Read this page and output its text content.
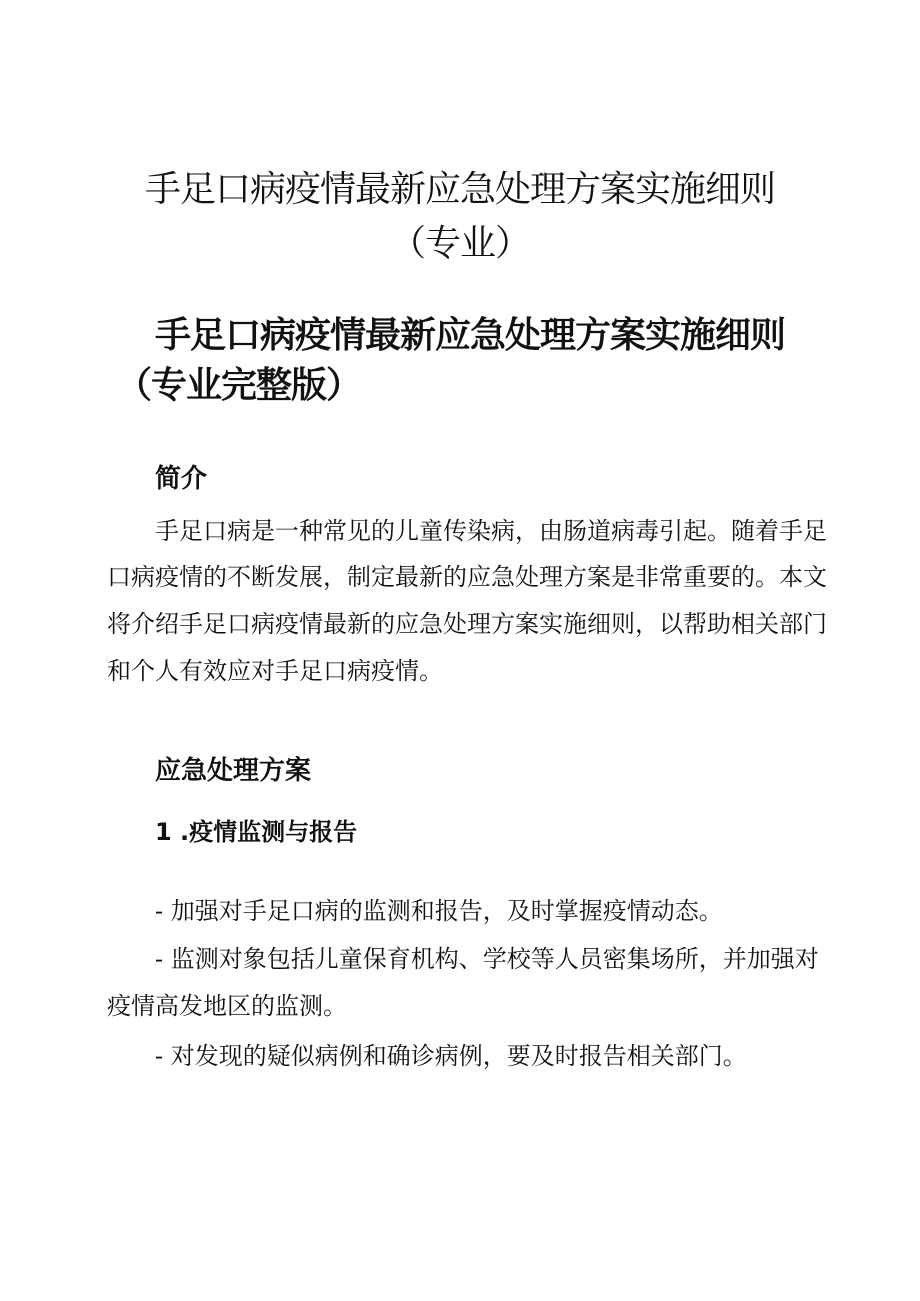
手足口病疫情最新应急处理方案实施细则
（专业）
手足口病疫情最新应急处理方案实施细则
（专业完整版）
简介

手足口病是一种常见的儿童传染病，由肠道病毒引起。随着手足

口病疫情的不断发展，制定最新的应急处理方案是非常重要的。本文

将介绍手足口病疫情最新的应急处理方案实施细则，以帮助相关部门

和个人有效应对手足口病疫情。

应急处理方案
1 .疫情监测与报告

- 加强对手足口病的监测和报告，及时掌握疫情动态。

- 监测对象包括儿童保育机构、学校等人员密集场所，并加强对

疫情高发地区的监测。

- 对发现的疑似病例和确诊病例，要及时报告相关部门。
